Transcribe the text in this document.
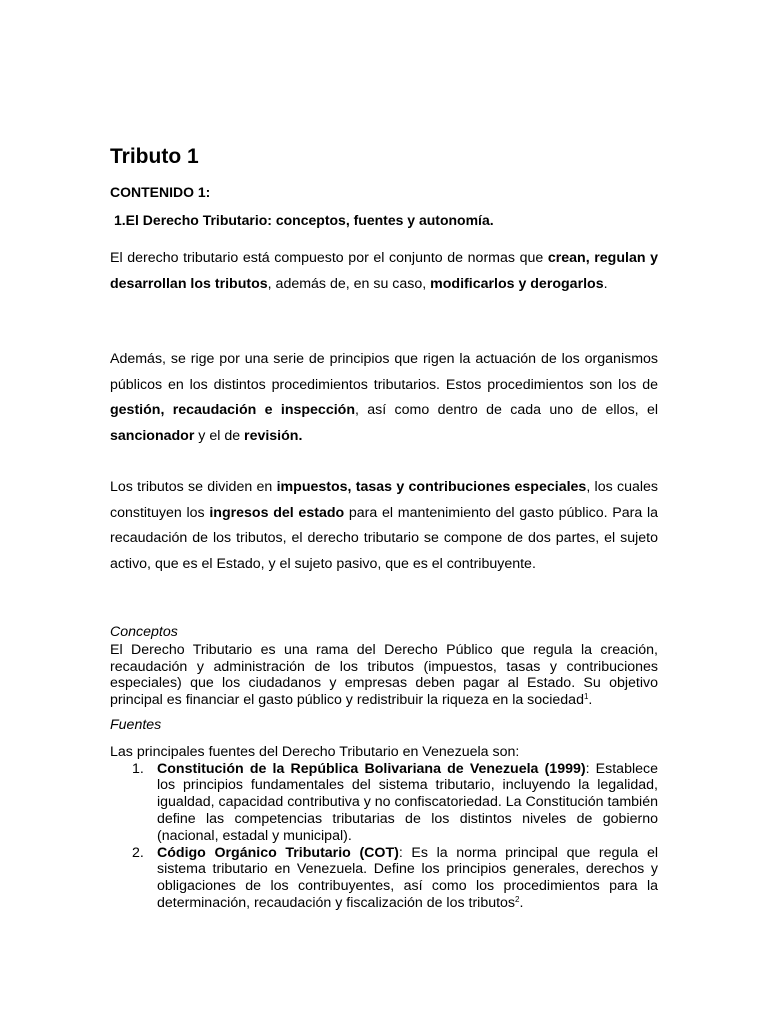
Tributo 1

CONTENIDO 1:

1.El Derecho Tributario: conceptos, fuentes y autonomía.

El derecho tributario está compuesto por el conjunto de normas que crean, regulan y desarrollan los tributos, además de, en su caso, modificarlos y derogarlos.

Además, se rige por una serie de principios que rigen la actuación de los organismos públicos en los distintos procedimientos tributarios. Estos procedimientos son los de gestión, recaudación e inspección, así como dentro de cada uno de ellos, el sancionador y el de revisión.

Los tributos se dividen en impuestos, tasas y contribuciones especiales, los cuales constituyen los ingresos del estado para el mantenimiento del gasto público. Para la recaudación de los tributos, el derecho tributario se compone de dos partes, el sujeto activo, que es el Estado, y el sujeto pasivo, que es el contribuyente.

Conceptos

El Derecho Tributario es una rama del Derecho Público que regula la creación, recaudación y administración de los tributos (impuestos, tasas y contribuciones especiales) que los ciudadanos y empresas deben pagar al Estado. Su objetivo principal es financiar el gasto público y redistribuir la riqueza en la sociedad$^1$.

Fuentes

Las principales fuentes del Derecho Tributario en Venezuela son:

1. Constitución de la República Bolivariana de Venezuela (1999): Establece los principios fundamentales del sistema tributario, incluyendo la legalidad, igualdad, capacidad contributiva y no confiscatoriedad. La Constitución también define las competencias tributarias de los distintos niveles de gobierno (nacional, estadal y municipal).
2. Código Orgánico Tributario (COT): Es la norma principal que regula el sistema tributario en Venezuela. Define los principios generales, derechos y obligaciones de los contribuyentes, así como los procedimientos para la determinación, recaudación y fiscalización de los tributos$^2$.
